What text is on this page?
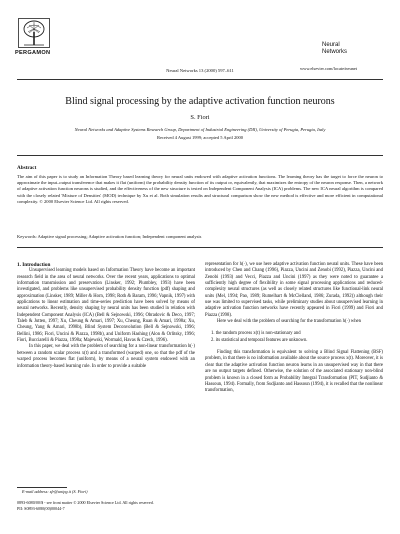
PERGAMON
Neural Networks 13 (2000) 597–611
Neural
Networks
www.elsevier.com/locate/neunet
Blind signal processing by the adaptive activation function neurons
S. Fiori
Neural Networks and Adaptive Systems Research Group, Department of Industrial Engineering (DII), University of Perugia, Perugia, Italy
Received 4 August 1999; accepted 5 April 2000
Abstract
The aim of this paper is to study an Information Theory based learning theory for neural units endowed with adaptive activation functions. The learning theory has the target to force the neuron to approximate the input–output transference that makes it flat (uniform) the probability density function of its output or, equivalently, that maximizes the entropy of the neuron response. Then, a network of adaptive activation function neurons is studied, and the effectiveness of the new structure is tested on Independent Component Analysis (ICA) problems. The new ICA neural algorithm is compared with the closely related 'Mixture of Densities' (MOD) technique by Xu et al. Both simulation results and structural comparison show the new method is effective and more efficient in computational complexity. © 2000 Elsevier Science Ltd. All rights reserved.
Keywords: Adaptive signal processing; Adaptive activation function; Independent component analysis

1. Introduction

Unsupervised learning models based on Information Theory have become an important research field in the area of neural networks. Over the recent years, applications to optimal information transmission and preservation (Linsker, 1992; Plumbley, 1993) have been investigated, and problems like unsupervised probability density function (pdf) shaping and approximation (Linsker, 1989; Miller & Horn, 1998; Roth & Baram, 1996; Vapnik, 1997) with applications to linear estimation and time-series prediction have been solved by means of neural networks. Recently, density shaping by neural units has been studied in relation with Independent Component Analysis (ICA) (Bell & Sejnowski, 1996; Obradovic & Deco, 1997; Taleb & Jutten, 1997; Xu, Cheung & Amari, 1997; Xu, Cheung, Ruan & Amari, 1998a; Xu, Cheung, Yang & Amari, 1998b), Blind System Deconvolution (Bell & Sejnowski, 1996; Bellini, 1986; Fiori, Uncini & Piazza, 1998b), and Uniform Hashing (Alon & Orlitsky, 1996; Fiori, Bucciarelli & Piazza, 1998a; Majewski, Wormald, Havas & Czech, 1996).

In this paper, we deal with the problem of searching for a non-linear transformation h(·) between a random scalar process x(t) and a transformed (warped) one, so that the pdf of the warped process becomes flat (uniform), by means of a neural system endowed with an information theory-based learning rule. In order to provide a suitable

representation for h(·), we use here adaptive activation function neural units. These have been introduced by Chen and Chang (1996), Piazza, Uncini and Zenobi (1992), Piazza, Uncini and Zenobi (1993) and Vecci, Piazza and Uncini (1997) as they were noted to guarantee a sufficiently high degree of flexibility in some signal processing applications and reduced-complexity neural structures (as well as closely related structures like functional-link neural units (Mel, 1994; Pao, 1989; Rumelhart & McClelland, 1986; Zurada, 1992)) although their use was limited to supervised tasks, while preliminary studies about unsupervised learning in adaptive activation function networks have recently appeared in Fiori (1999) and Fiori and Piazza (1998).

Here we deal with the problem of searching for the transformation h(·) when

1. the random process x(t) is non-stationary and

2. its statistical and temporal features are unknown.

Finding this transformation is equivalent to solving a Blind Signal Flattening (BSF) problem, in that there is no information available about the source process x(t). Moreover, it is clear that the adaptive activation function neuron learns in an unsupervised way in that there are no output targets defined. Otherwise, the solution of the associated stationary non-blind problem is known in a closed form as Probability Integral Transformation (PIT, Sudjianto & Hassoun, 1994). Formally, from Sudjianto and Hassoun (1994), it is recalled that the nonlinear transformation,

E-mail address: sfr@unipg.it (S. Fiori)
0893-6080/00/$ - see front matter © 2000 Elsevier Science Ltd. All rights reserved.
PII: S0893-6080(00)00044-7
